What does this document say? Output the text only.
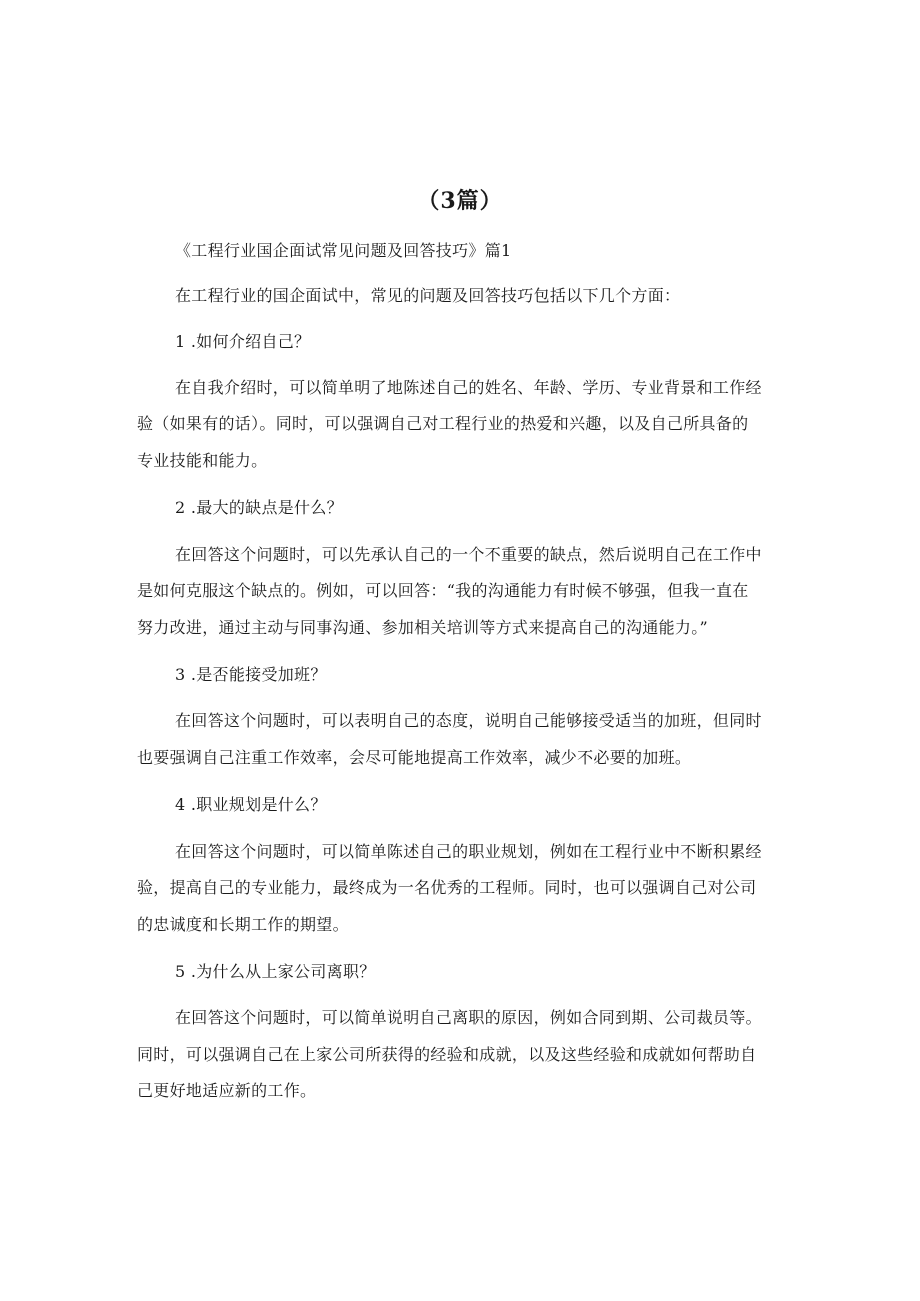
（3篇）
《工程行业国企面试常见问题及回答技巧》篇1
在工程行业的国企面试中，常见的问题及回答技巧包括以下几个方面：
1 .如何介绍自己？
在自我介绍时，可以简单明了地陈述自己的姓名、年龄、学历、专业背景和工作经
验（如果有的话）。同时，可以强调自己对工程行业的热爱和兴趣，以及自己所具备的
专业技能和能力。
2 .最大的缺点是什么？
在回答这个问题时，可以先承认自己的一个不重要的缺点，然后说明自己在工作中
是如何克服这个缺点的。例如，可以回答：“我的沟通能力有时候不够强，但我一直在
努力改进，通过主动与同事沟通、参加相关培训等方式来提高自己的沟通能力。”
3 .是否能接受加班？
在回答这个问题时，可以表明自己的态度，说明自己能够接受适当的加班，但同时
也要强调自己注重工作效率，会尽可能地提高工作效率，减少不必要的加班。
4 .职业规划是什么？
在回答这个问题时，可以简单陈述自己的职业规划，例如在工程行业中不断积累经
验，提高自己的专业能力，最终成为一名优秀的工程师。同时，也可以强调自己对公司
的忠诚度和长期工作的期望。
5 .为什么从上家公司离职？
在回答这个问题时，可以简单说明自己离职的原因，例如合同到期、公司裁员等。
同时，可以强调自己在上家公司所获得的经验和成就，以及这些经验和成就如何帮助自
己更好地适应新的工作。
